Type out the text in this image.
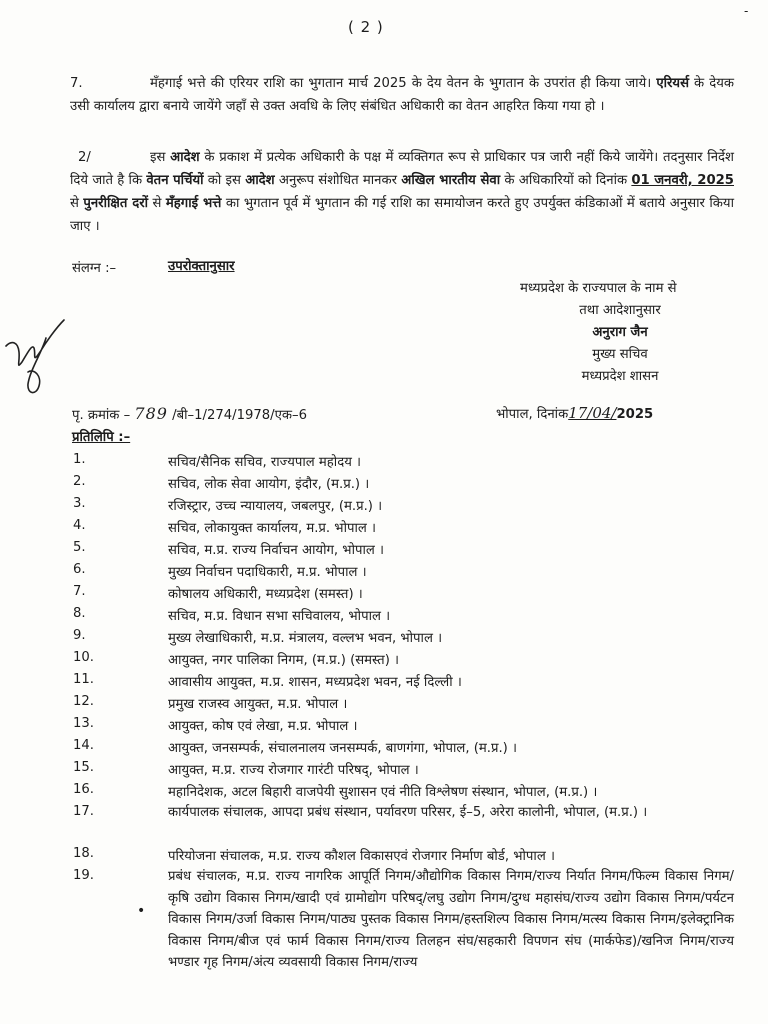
( 2 )
-
7.	मँहगाई भत्ते की एरियर राशि का भुगतान मार्च 2025 के देय वेतन के भुगतान के उपरांत ही किया जाये। एरियर्स के देयक उसी कार्यालय द्वारा बनाये जायेंगे जहाँ से उक्त अवधि के लिए संबंधित अधिकारी का वेतन आहरित किया गया हो ।
2/	इस आदेश के प्रकाश में प्रत्येक अधिकारी के पक्ष में व्यक्तिगत रूप से प्राधिकार पत्र जारी नहीं किये जायेंगे। तदनुसार निर्देश दिये जाते है कि वेतन पर्चियों को इस आदेश अनुरूप संशोधित मानकर अखिल भारतीय सेवा के अधिकारियों को दिनांक 01 जनवरी, 2025 से पुनरीक्षित दरों से मँहगाई भत्ते का भुगतान पूर्व में भुगतान की गई राशि का समायोजन करते हुए उपर्युक्त कंडिकाओं में बताये अनुसार किया जाए ।
संलग्न :–	उपरोक्तानुसार
मध्यप्रदेश के राज्यपाल के नाम से
तथा आदेशानुसार
अनुराग जैन
मुख्य सचिव
मध्यप्रदेश शासन
पृ. क्रमांक – 789 /बी–1/274/1978/एक–6	भोपाल, दिनांक17/04/2025
प्रतिलिपि :–
1.	सचिव/सैनिक सचिव, राज्यपाल महोदय ।
2.	सचिव, लोक सेवा आयोग, इंदौर, (म.प्र.) ।
3.	रजिस्ट्रार, उच्च न्यायालय, जबलपुर, (म.प्र.) ।
4.	सचिव, लोकायुक्त कार्यालय, म.प्र. भोपाल ।
5.	सचिव, म.प्र. राज्य निर्वाचन आयोग, भोपाल ।
6.	मुख्य निर्वाचन पदाधिकारी, म.प्र. भोपाल ।
7.	कोषालय अधिकारी, मध्यप्रदेश (समस्त) ।
8.	सचिव, म.प्र. विधान सभा सचिवालय, भोपाल ।
9.	मुख्य लेखाधिकारी, म.प्र. मंत्रालय, वल्लभ भवन, भोपाल ।
10.	आयुक्त, नगर पालिका निगम, (म.प्र.) (समस्त) ।
11.	आवासीय आयुक्त, म.प्र. शासन, मध्यप्रदेश भवन, नई दिल्ली ।
12.	प्रमुख राजस्व आयुक्त, म.प्र. भोपाल ।
13.	आयुक्त, कोष एवं लेखा, म.प्र. भोपाल ।
14.	आयुक्त, जनसम्पर्क, संचालनालय जनसम्पर्क, बाणगंगा, भोपाल, (म.प्र.) ।
15.	आयुक्त, म.प्र. राज्य रोजगार गारंटी परिषद्, भोपाल ।
16.	महानिदेशक, अटल बिहारी वाजपेयी सुशासन एवं नीति विश्लेषण संस्थान, भोपाल, (म.प्र.) ।
17.	कार्यपालक संचालक, आपदा प्रबंध संस्थान, पर्यावरण परिसर, ई–5, अरेरा कालोनी, भोपाल, (म.प्र.) ।
18.	परियोजना संचालक, म.प्र. राज्य कौशल विकासएवं रोजगार निर्माण बोर्ड, भोपाल ।
19.	प्रबंध संचालक, म.प्र. राज्य नागरिक आपूर्ति निगम/औद्योगिक विकास निगम/राज्य निर्यात निगम/फिल्म विकास निगम/कृषि उद्योग विकास निगम/खादी एवं ग्रामोद्योग परिषद्/लघु उद्योग निगम/दुग्ध महासंघ/राज्य उद्योग विकास निगम/पर्यटन विकास निगम/उर्जा विकास निगम/पाठ्य पुस्तक विकास निगम/हस्तशिल्प विकास निगम/मत्स्य विकास निगम/इलेक्ट्रानिक विकास निगम/बीज एवं फार्म विकास निगम/राज्य तिलहन संघ/सहकारी विपणन संघ (मार्कफेड)/खनिज निगम/राज्य भण्डार गृह निगम/अंत्य व्यवसायी विकास निगम/राज्य
•
